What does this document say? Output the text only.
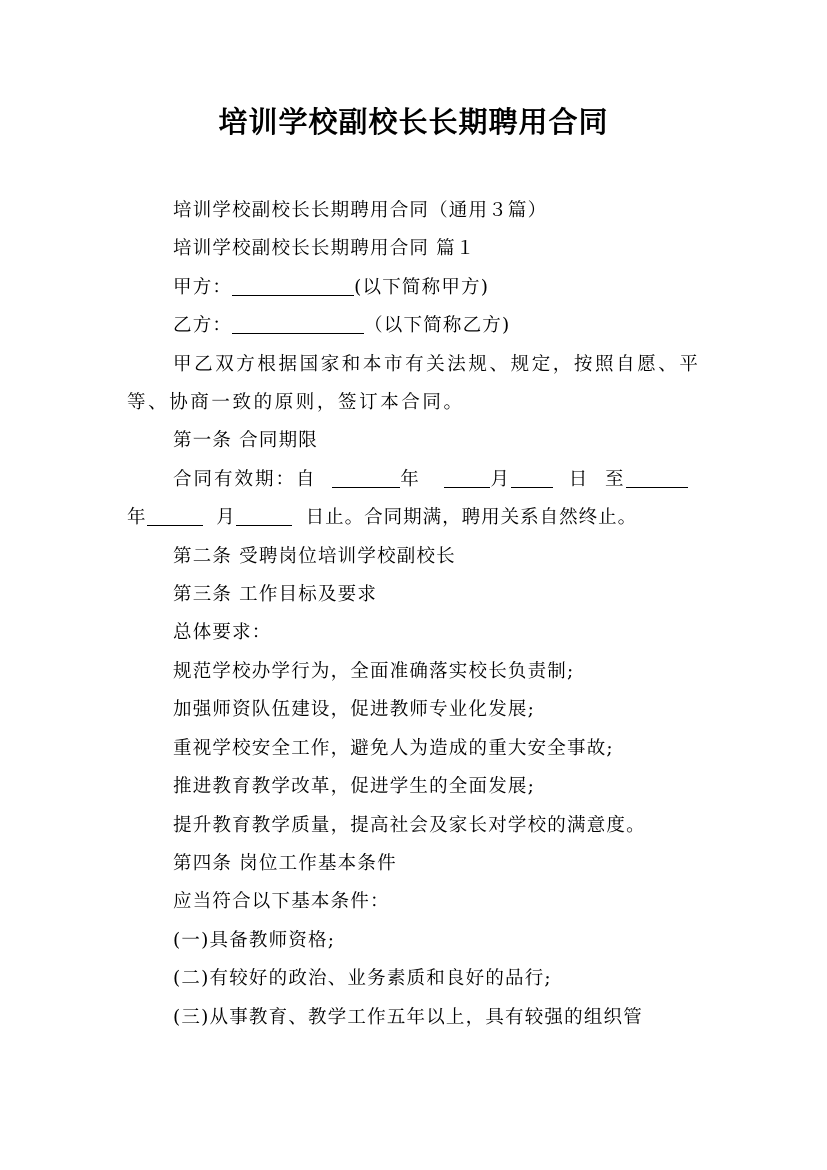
培训学校副校长长期聘用合同

培训学校副校长长期聘用合同（通用３篇）

培训学校副校长长期聘用合同 篇１

甲方：	(以下简称甲方)

乙方：	（以下简称乙方)

甲乙双方根据国家和本市有关法规、规定，按照自愿、平等、协商一致的原则，签订本合同。

第一条 合同期限

合同有效期：自	年	月	日 至

年	月	日止。合同期满，聘用关系自然终止。

第二条 受聘岗位培训学校副校长

第三条 工作目标及要求

总体要求：

规范学校办学行为，全面准确落实校长负责制;

加强师资队伍建设，促进教师专业化发展;

重视学校安全工作，避免人为造成的重大安全事故;

推进教育教学改革，促进学生的全面发展;

提升教育教学质量，提高社会及家长对学校的满意度。

第四条 岗位工作基本条件

应当符合以下基本条件：

(一)具备教师资格;

(二)有较好的政治、业务素质和良好的品行;

(三)从事教育、教学工作五年以上，具有较强的组织管
